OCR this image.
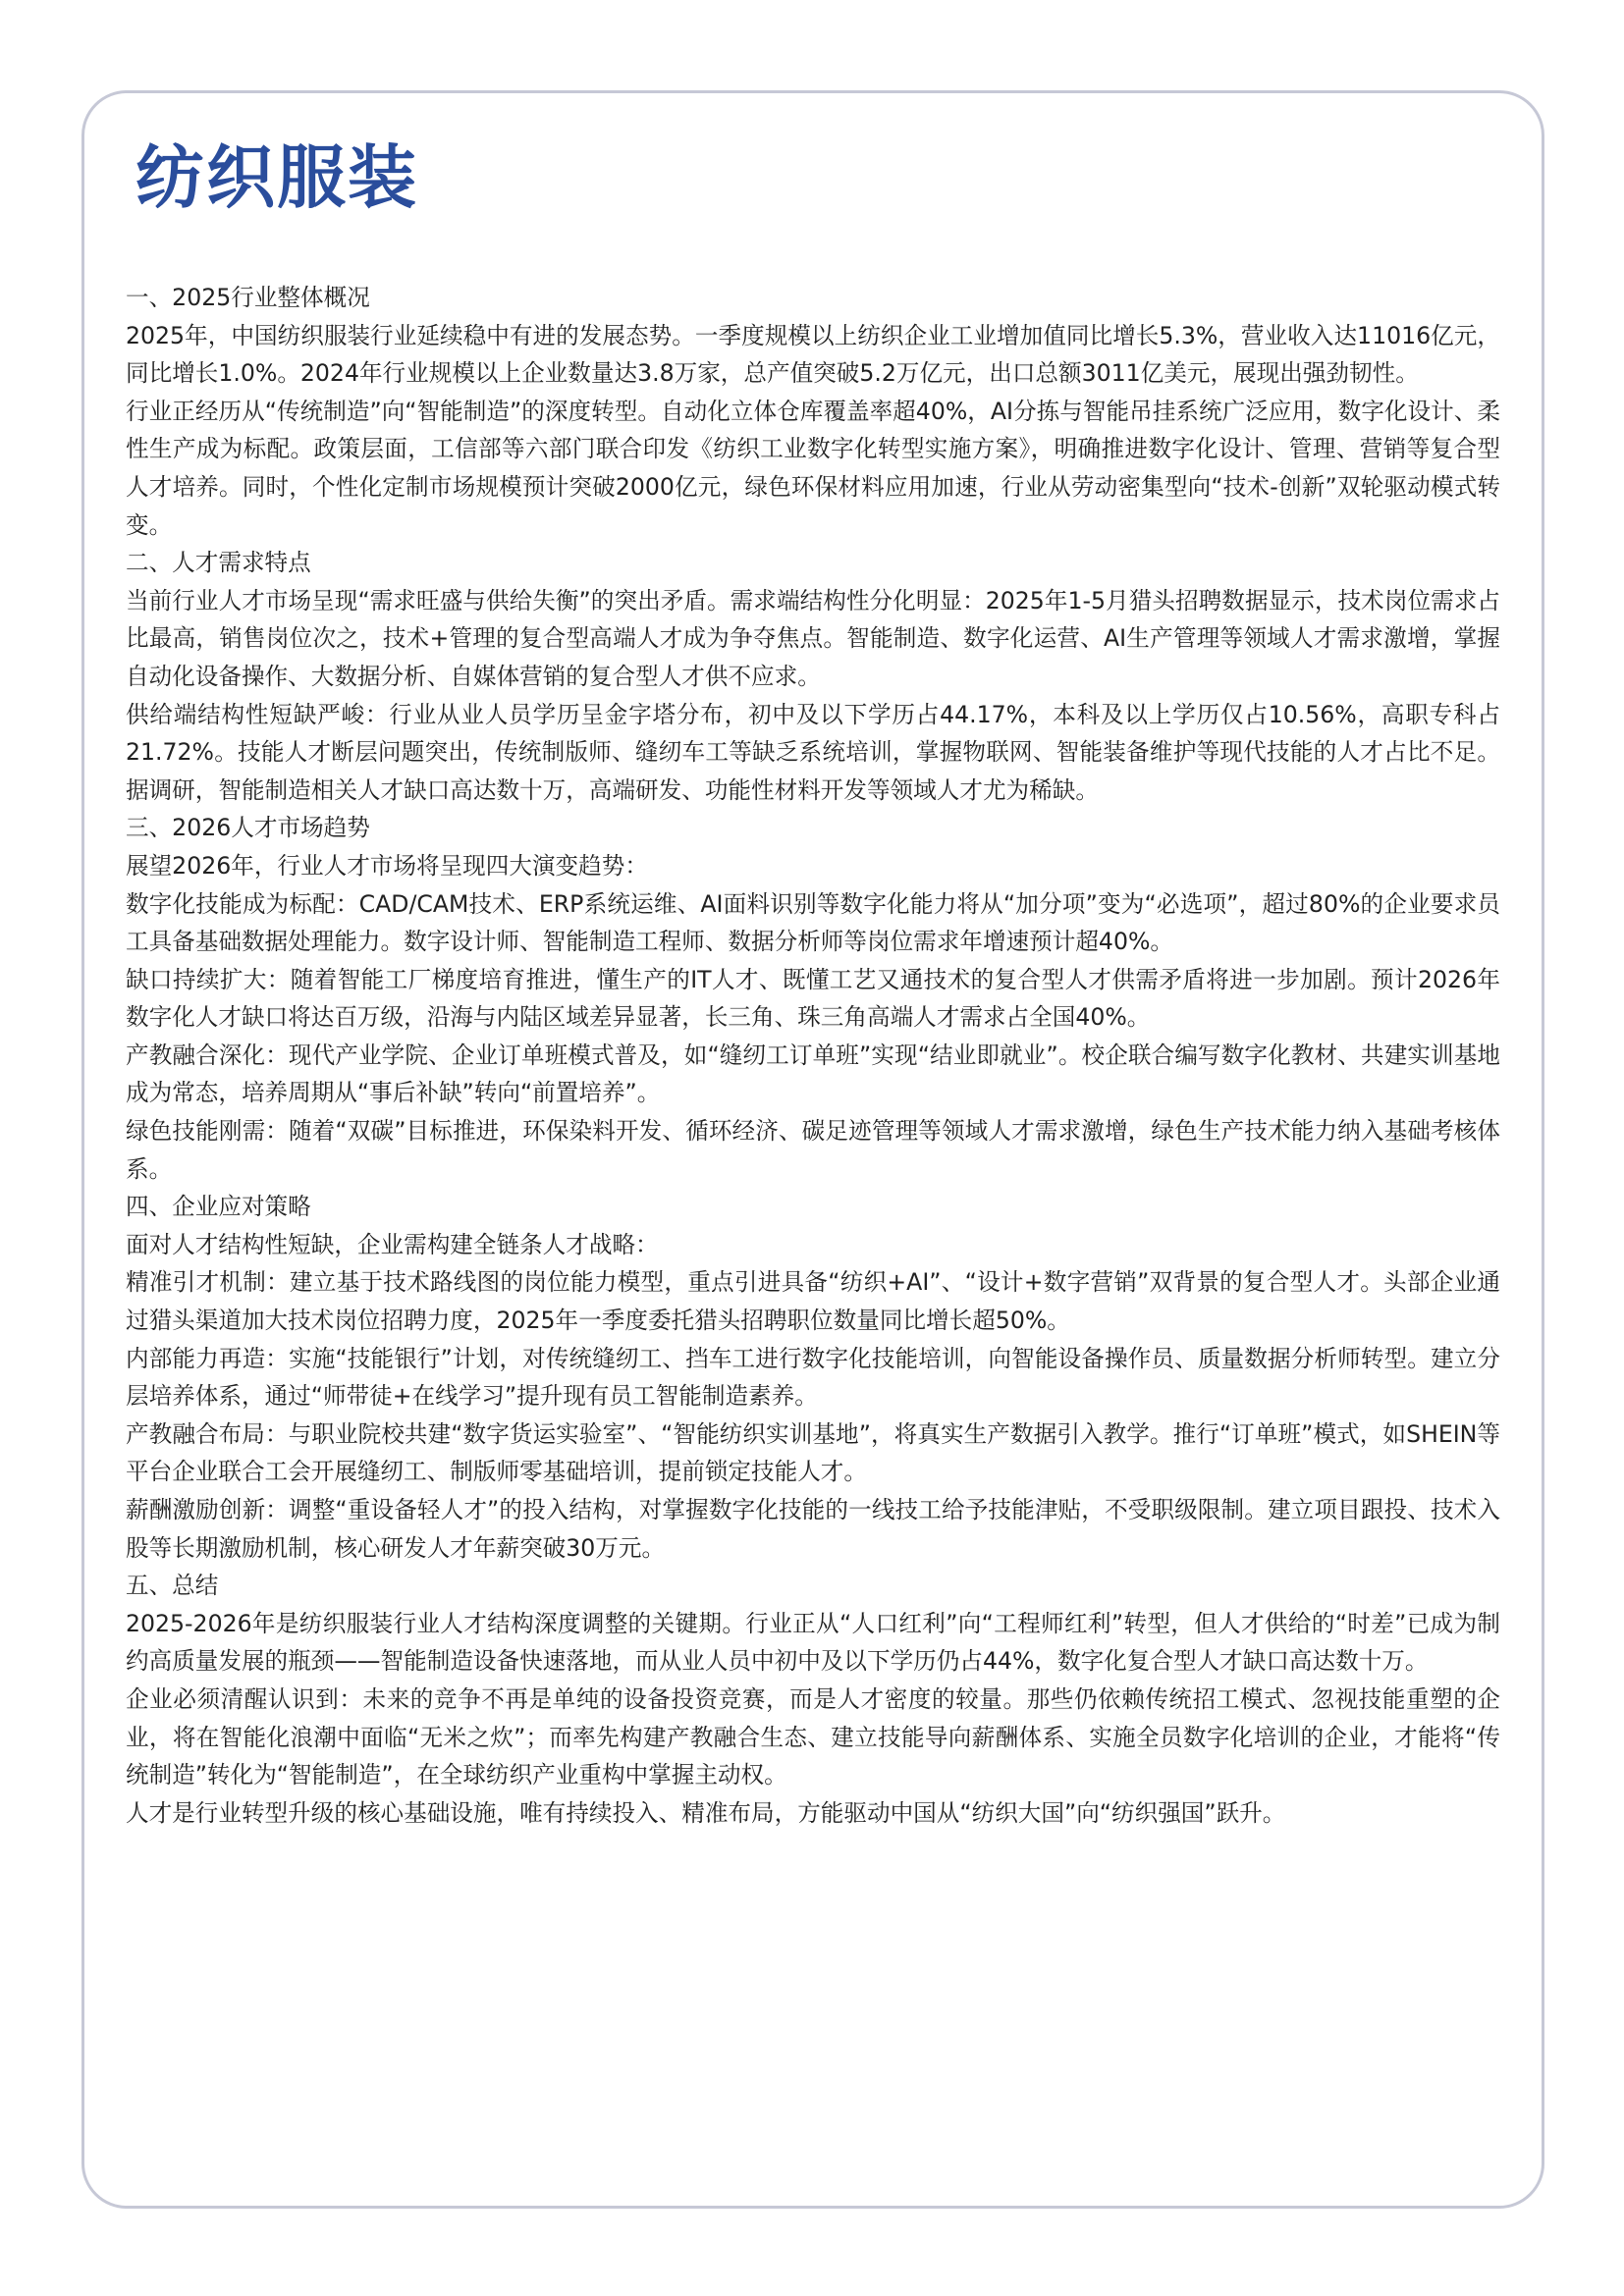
纺织服装

一、2025行业整体概况

2025年，中国纺织服装行业延续稳中有进的发展态势。一季度规模以上纺织企业工业增加值同比增长5.3%，营业收入达11016亿元，同比增长1.0%。2024年行业规模以上企业数量达3.8万家，总产值突破5.2万亿元，出口总额3011亿美元，展现出强劲韧性。

行业正经历从“传统制造”向“智能制造”的深度转型。自动化立体仓库覆盖率超40%，AI分拣与智能吊挂系统广泛应用，数字化设计、柔性生产成为标配。政策层面，工信部等六部门联合印发《纺织工业数字化转型实施方案》，明确推进数字化设计、管理、营销等复合型人才培养。同时，个性化定制市场规模预计突破2000亿元，绿色环保材料应用加速，行业从劳动密集型向“技术-创新”双轮驱动模式转变。

二、人才需求特点

当前行业人才市场呈现“需求旺盛与供给失衡”的突出矛盾。需求端结构性分化明显：2025年1-5月猎头招聘数据显示，技术岗位需求占比最高，销售岗位次之，技术+管理的复合型高端人才成为争夺焦点。智能制造、数字化运营、AI生产管理等领域人才需求激增，掌握自动化设备操作、大数据分析、自媒体营销的复合型人才供不应求。

供给端结构性短缺严峻：行业从业人员学历呈金字塔分布，初中及以下学历占44.17%，本科及以上学历仅占10.56%，高职专科占21.72%。技能人才断层问题突出，传统制版师、缝纫车工等缺乏系统培训，掌握物联网、智能装备维护等现代技能的人才占比不足。据调研，智能制造相关人才缺口高达数十万，高端研发、功能性材料开发等领域人才尤为稀缺。

三、2026人才市场趋势

展望2026年，行业人才市场将呈现四大演变趋势：

数字化技能成为标配：CAD/CAM技术、ERP系统运维、AI面料识别等数字化能力将从“加分项”变为“必选项”，超过80%的企业要求员工具备基础数据处理能力。数字设计师、智能制造工程师、数据分析师等岗位需求年增速预计超40%。

缺口持续扩大：随着智能工厂梯度培育推进，懂生产的IT人才、既懂工艺又通技术的复合型人才供需矛盾将进一步加剧。预计2026年数字化人才缺口将达百万级，沿海与内陆区域差异显著，长三角、珠三角高端人才需求占全国40%。

产教融合深化：现代产业学院、企业订单班模式普及，如“缝纫工订单班”实现“结业即就业”。校企联合编写数字化教材、共建实训基地成为常态，培养周期从“事后补缺”转向“前置培养”。

绿色技能刚需：随着“双碳”目标推进，环保染料开发、循环经济、碳足迹管理等领域人才需求激增，绿色生产技术能力纳入基础考核体系。

四、企业应对策略

面对人才结构性短缺，企业需构建全链条人才战略：

精准引才机制：建立基于技术路线图的岗位能力模型，重点引进具备“纺织+AI”、“设计+数字营销”双背景的复合型人才。头部企业通过猎头渠道加大技术岗位招聘力度，2025年一季度委托猎头招聘职位数量同比增长超50%。

内部能力再造：实施“技能银行”计划，对传统缝纫工、挡车工进行数字化技能培训，向智能设备操作员、质量数据分析师转型。建立分层培养体系，通过“师带徒+在线学习”提升现有员工智能制造素养。

产教融合布局：与职业院校共建“数字货运实验室”、“智能纺织实训基地”，将真实生产数据引入教学。推行“订单班”模式，如SHEIN等平台企业联合工会开展缝纫工、制版师零基础培训，提前锁定技能人才。

薪酬激励创新：调整“重设备轻人才”的投入结构，对掌握数字化技能的一线技工给予技能津贴，不受职级限制。建立项目跟投、技术入股等长期激励机制，核心研发人才年薪突破30万元。

五、总结

2025-2026年是纺织服装行业人才结构深度调整的关键期。行业正从“人口红利”向“工程师红利”转型，但人才供给的“时差”已成为制约高质量发展的瓶颈——智能制造设备快速落地，而从业人员中初中及以下学历仍占44%，数字化复合型人才缺口高达数十万。

企业必须清醒认识到：未来的竞争不再是单纯的设备投资竞赛，而是人才密度的较量。那些仍依赖传统招工模式、忽视技能重塑的企业，将在智能化浪潮中面临“无米之炊”；而率先构建产教融合生态、建立技能导向薪酬体系、实施全员数字化培训的企业，才能将“传统制造”转化为“智能制造”，在全球纺织产业重构中掌握主动权。

人才是行业转型升级的核心基础设施，唯有持续投入、精准布局，方能驱动中国从“纺织大国”向“纺织强国”跃升。
